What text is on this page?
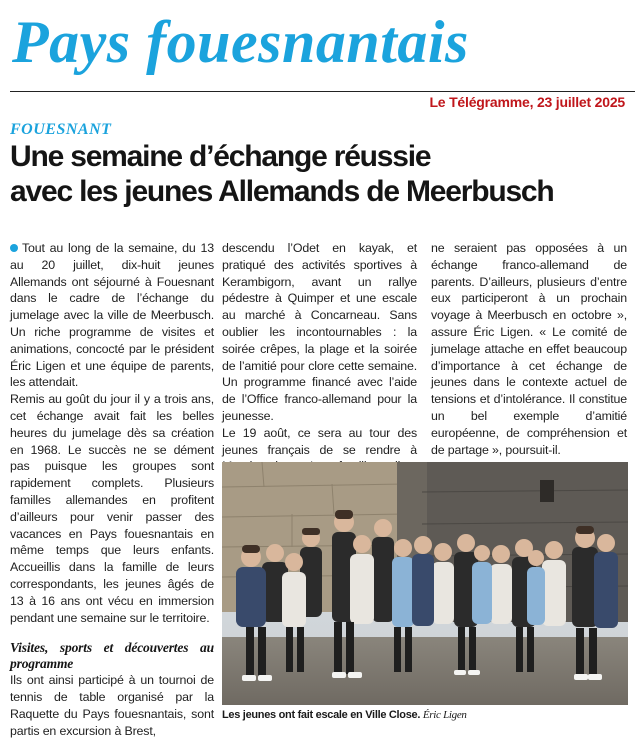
Pays fouesnantais
Le Télégramme, 23 juillet 2025
FOUESNANT
Une semaine d’échange réussie
avec les jeunes Allemands de Meerbusch

Tout au long de la semaine, du 13 au 20 juillet, dix-huit jeunes Allemands ont séjourné à Fouesnant dans le cadre de l’échange du jumelage avec la ville de Meerbusch. Un riche programme de visites et animations, concocté par le président Éric Ligen et une équipe de parents, les attendait.

Remis au goût du jour il y a trois ans, cet échange avait fait les belles heures du jumelage dès sa création en 1968. Le succès ne se dément pas puisque les groupes sont rapidement complets. Plusieurs familles allemandes en profitent d’ailleurs pour venir passer des vacances en Pays fouesnantais en même temps que leurs enfants. Accueillis dans la famille de leurs correspondants, les jeunes âgés de 13 à 16 ans ont vécu en immersion pendant une semaine sur le territoire.

Visites, sports et découvertes au programme

Ils ont ainsi participé à un tournoi de tennis de table organisé par la Raquette du Pays fouesnantais, sont partis en excursion à Brest,

descendu l’Odet en kayak, et pratiqué des activités sportives à Kerambigorn, avant un rallye pédestre à Quimper et une escale au marché à Concarneau. Sans oublier les incontournables : la soirée crêpes, la plage et la soirée de l’amitié pour clore cette semaine. Un programme financé avec l’aide de l’Office franco-allemand pour la jeunesse.

Le 19 août, ce sera au tour des jeunes français de se rendre à

ne seraient pas opposées à un échange franco-allemand de parents. D’ailleurs, plusieurs d’entre eux participeront à un prochain voyage à Meerbusch en octobre », assure Éric Ligen. « Le comité de jumelage attache en effet beaucoup d’importance à cet échange de jeunes dans le contexte actuel de tensions et d’intolérance. Il constitue un bel exemple d’amitié européenne, de compréhension et de partage », poursuit-il.

Les jeunes ont fait escale en Ville Close. Éric Ligen
